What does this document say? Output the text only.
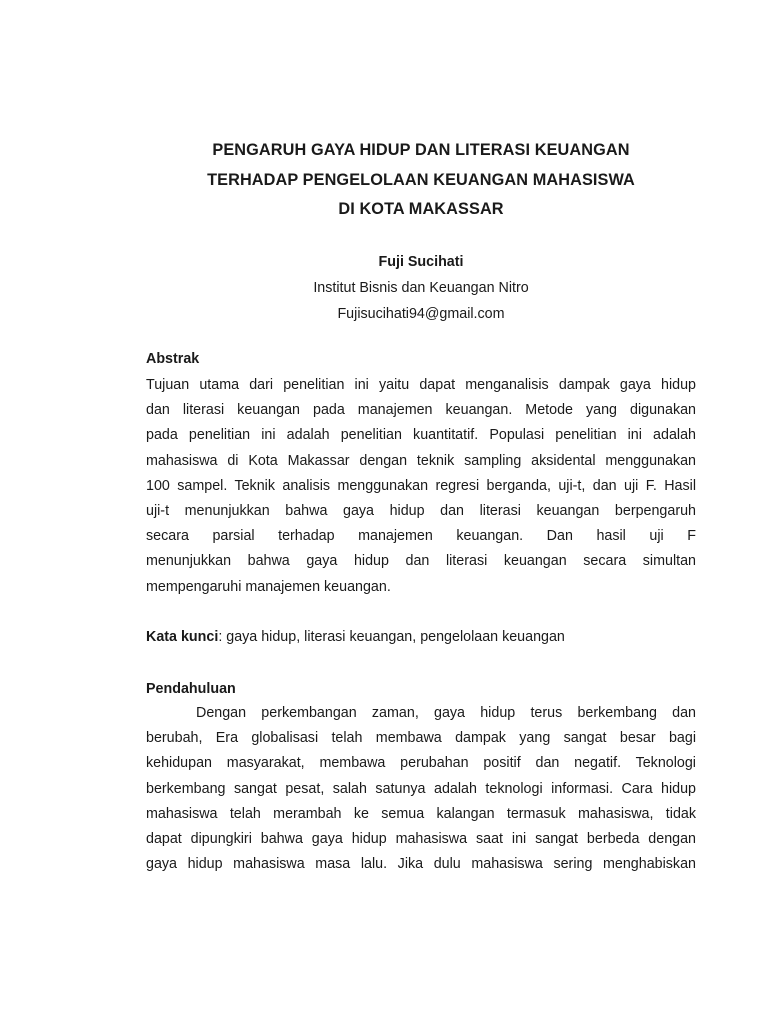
PENGARUH GAYA HIDUP DAN LITERASI KEUANGAN
TERHADAP PENGELOLAAN KEUANGAN MAHASISWA
DI KOTA MAKASSAR
Fuji Sucihati
Institut Bisnis dan Keuangan Nitro
Fujisucihati94@gmail.com
Abstrak
Tujuan utama dari penelitian ini yaitu dapat menganalisis dampak gaya hidup
dan literasi keuangan pada manajemen keuangan. Metode yang digunakan
pada penelitian ini adalah penelitian kuantitatif. Populasi penelitian ini adalah
mahasiswa di Kota Makassar dengan teknik sampling aksidental menggunakan
100 sampel. Teknik analisis menggunakan regresi berganda, uji-t, dan uji F. Hasil
uji-t menunjukkan bahwa gaya hidup dan literasi keuangan berpengaruh
secara parsial terhadap manajemen keuangan. Dan hasil uji F
menunjukkan bahwa gaya hidup dan literasi keuangan secara simultan
mempengaruhi manajemen keuangan.
Kata kunci: gaya hidup, literasi keuangan, pengelolaan keuangan
Pendahuluan
Dengan perkembangan zaman, gaya hidup terus berkembang dan
berubah, Era globalisasi telah membawa dampak yang sangat besar bagi
kehidupan masyarakat, membawa perubahan positif dan negatif. Teknologi
berkembang sangat pesat, salah satunya adalah teknologi informasi. Cara hidup
mahasiswa telah merambah ke semua kalangan termasuk mahasiswa, tidak
dapat dipungkiri bahwa gaya hidup mahasiswa saat ini sangat berbeda dengan
gaya hidup mahasiswa masa lalu. Jika dulu mahasiswa sering menghabiskan
